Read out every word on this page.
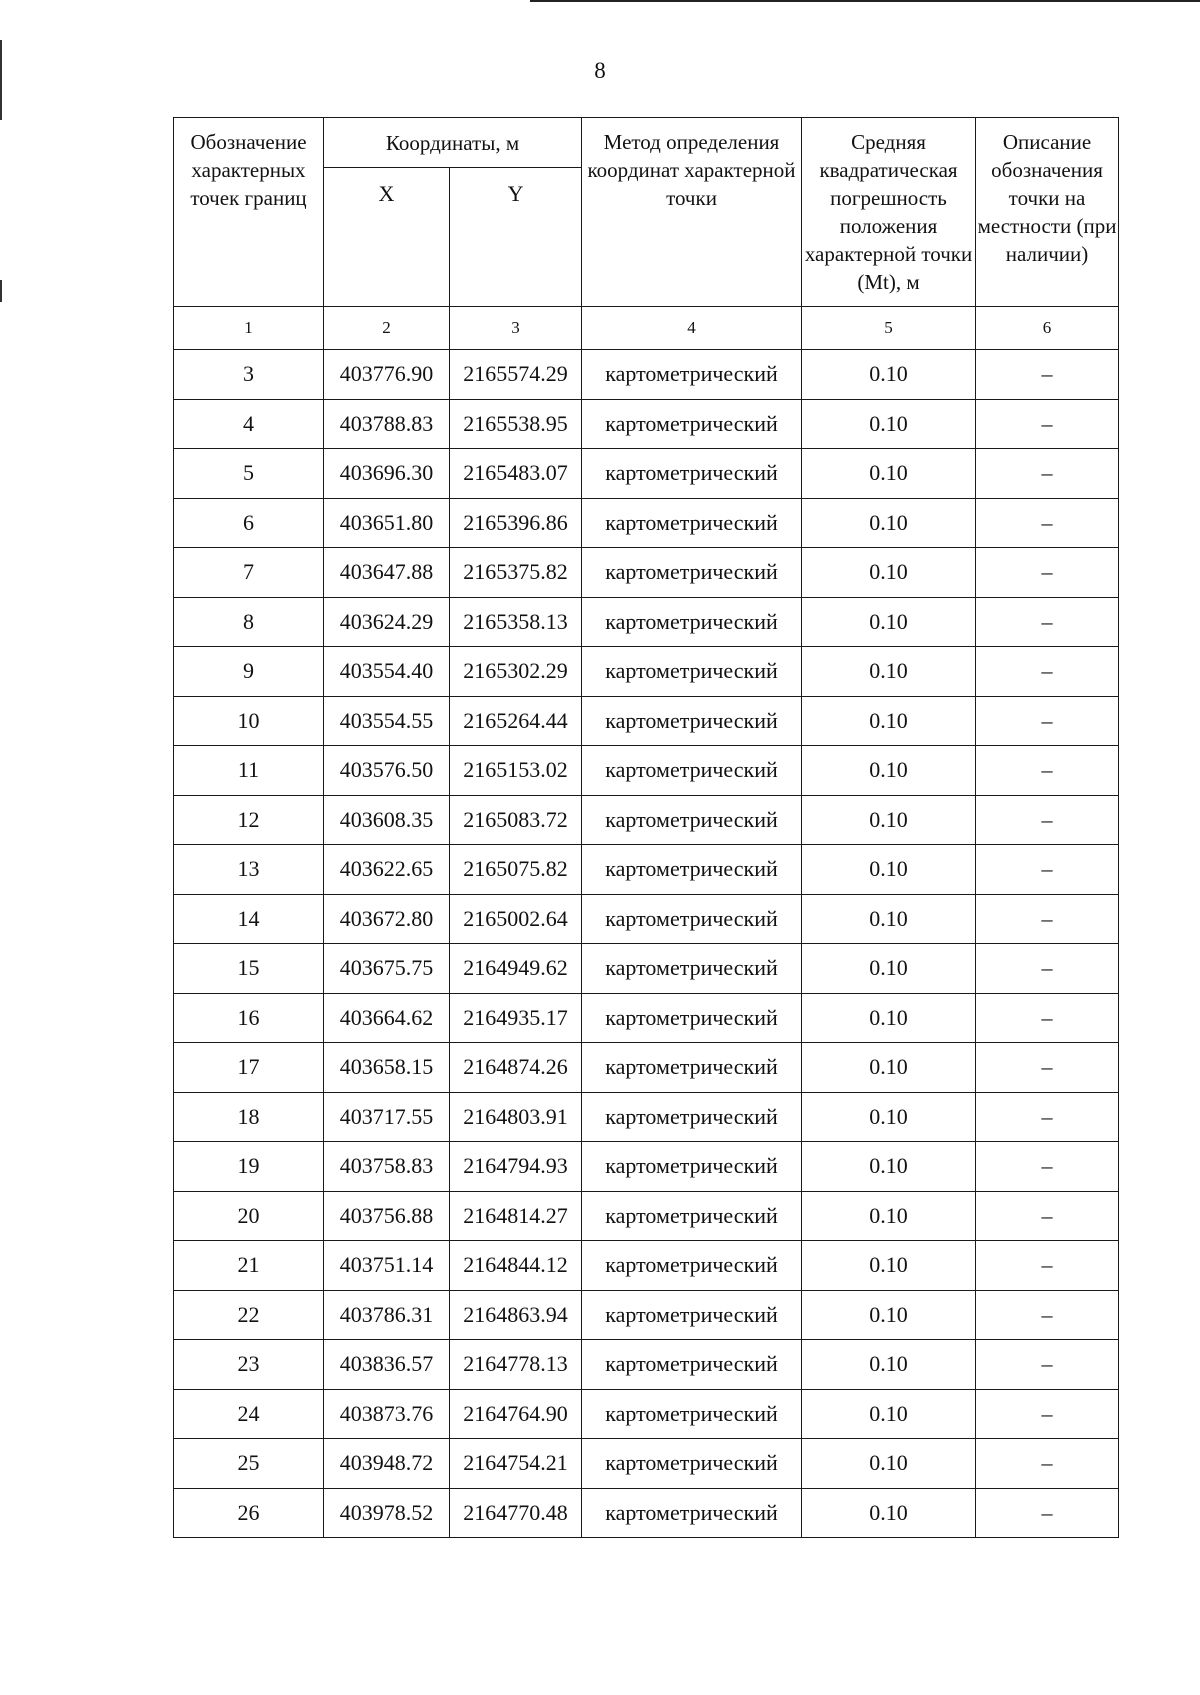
8
Обозначение характерных точек границ	Координаты, м		Метод определения координат характерной точки	Средняя квадратическая погрешность положения характерной точки (Mt), м	Описание обозначения точки на местности (при наличии)
	X	Y			
1	2	3	4	5	6
3	403776.90	2165574.29	картометрический	0.10	–
4	403788.83	2165538.95	картометрический	0.10	–
5	403696.30	2165483.07	картометрический	0.10	–
6	403651.80	2165396.86	картометрический	0.10	–
7	403647.88	2165375.82	картометрический	0.10	–
8	403624.29	2165358.13	картометрический	0.10	–
9	403554.40	2165302.29	картометрический	0.10	–
10	403554.55	2165264.44	картометрический	0.10	–
11	403576.50	2165153.02	картометрический	0.10	–
12	403608.35	2165083.72	картометрический	0.10	–
13	403622.65	2165075.82	картометрический	0.10	–
14	403672.80	2165002.64	картометрический	0.10	–
15	403675.75	2164949.62	картометрический	0.10	–
16	403664.62	2164935.17	картометрический	0.10	–
17	403658.15	2164874.26	картометрический	0.10	–
18	403717.55	2164803.91	картометрический	0.10	–
19	403758.83	2164794.93	картометрический	0.10	–
20	403756.88	2164814.27	картометрический	0.10	–
21	403751.14	2164844.12	картометрический	0.10	–
22	403786.31	2164863.94	картометрический	0.10	–
23	403836.57	2164778.13	картометрический	0.10	–
24	403873.76	2164764.90	картометрический	0.10	–
25	403948.72	2164754.21	картометрический	0.10	–
26	403978.52	2164770.48	картометрический	0.10	–
